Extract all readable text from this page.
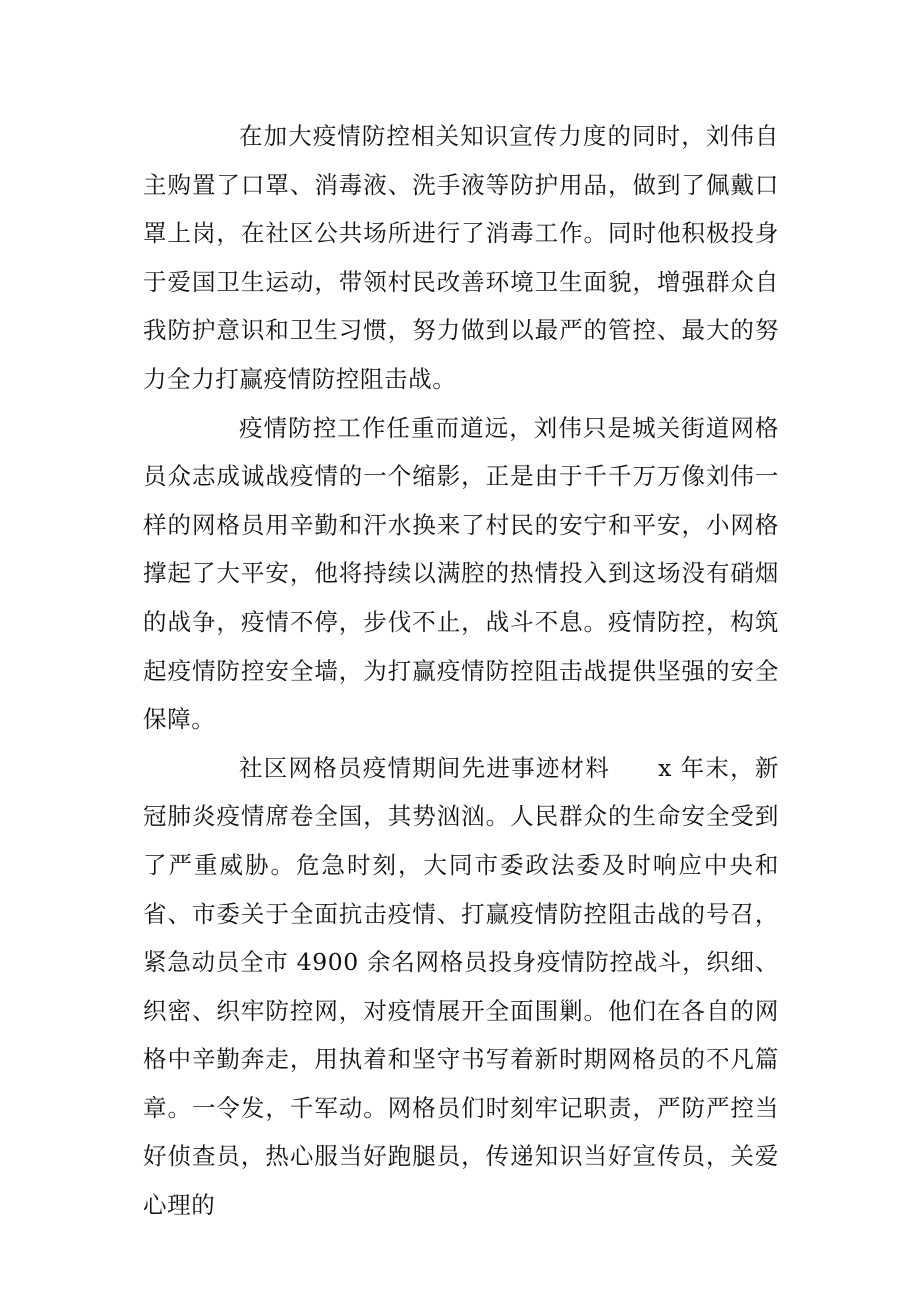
在加大疫情防控相关知识宣传力度的同时，刘伟自主购置了口罩、消毒液、洗手液等防护用品，做到了佩戴口罩上岗，在社区公共场所进行了消毒工作。同时他积极投身于爱国卫生运动，带领村民改善环境卫生面貌，增强群众自我防护意识和卫生习惯，努力做到以最严的管控、最大的努力全力打赢疫情防控阻击战。

疫情防控工作任重而道远，刘伟只是城关街道网格员众志成诚战疫情的一个缩影，正是由于千千万万像刘伟一样的网格员用辛勤和汗水换来了村民的安宁和平安，小网格撑起了大平安，他将持续以满腔的热情投入到这场没有硝烟的战争，疫情不停，步伐不止，战斗不息。疫情防控，构筑起疫情防控安全墙，为打赢疫情防控阻击战提供坚强的安全保障。

社区网格员疫情期间先进事迹材料 x 年末，新冠肺炎疫情席卷全国，其势汹汹。人民群众的生命安全受到了严重威胁。危急时刻，大同市委政法委及时响应中央和省、市委关于全面抗击疫情、打赢疫情防控阻击战的号召，紧急动员全市 4900 余名网格员投身疫情防控战斗，织细、织密、织牢防控网，对疫情展开全面围剿。他们在各自的网格中辛勤奔走，用执着和坚守书写着新时期网格员的不凡篇章。一令发，千军动。网格员们时刻牢记职责，严防严控当好侦查员，热心服当好跑腿员，传递知识当好宣传员，关爱心理的
